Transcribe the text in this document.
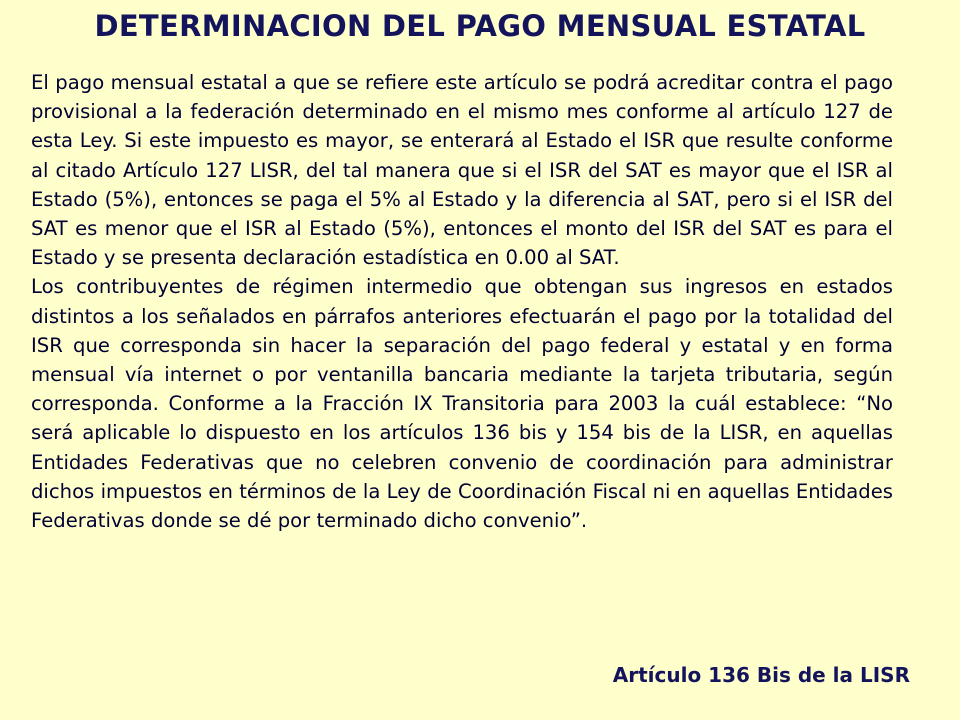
DETERMINACION DEL PAGO MENSUAL ESTATAL

El pago mensual estatal a que se refiere este artículo se podrá acreditar contra el pago provisional a la federación determinado en el mismo mes conforme al artículo 127 de esta Ley. Si este impuesto es mayor, se enterará al Estado el ISR que resulte conforme al citado Artículo 127 LISR, del tal manera que si el ISR del SAT es mayor que el ISR al Estado (5%), entonces se paga el 5% al Estado y la diferencia al SAT, pero si el ISR del SAT es menor que el ISR al Estado (5%), entonces el monto del ISR del SAT es para el Estado y se presenta declaración estadística en 0.00 al SAT.

Los contribuyentes de régimen intermedio que obtengan sus ingresos en estados distintos a los señalados en párrafos anteriores efectuarán el pago por la totalidad del ISR que corresponda sin hacer la separación del pago federal y estatal y en forma mensual vía internet o por ventanilla bancaria mediante la tarjeta tributaria, según corresponda. Conforme a la Fracción IX Transitoria para 2003 la cuál establece: “No será aplicable lo dispuesto en los artículos 136 bis y 154 bis de la LISR, en aquellas Entidades Federativas que no celebren convenio de coordinación para administrar dichos impuestos en términos de la Ley de Coordinación Fiscal ni en aquellas Entidades Federativas donde se dé por terminado dicho convenio”.

Artículo 136 Bis de la LISR
